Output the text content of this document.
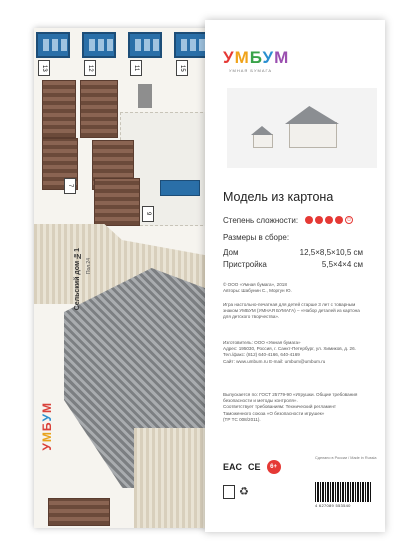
13	12	11	15
7
9
Сельский дом №1 Пол.24
УМБУМ
УМБУМ
УМНАЯ БУМАГА
Модель из картона
Степень сложности:	☺
Размеры в сборе:
Дом	12,5×8,5×10,5 см
Пристройка	5,5×4×4 см
© ООО «Умная бумага», 2018
Авторы: Шабунин С., Моргун Ю.
Игра настольно-печатная для детей старше 3 лет с товарным знаком УМБУМ (УМНАЯ БУМАГА) – «Набор деталей из картона для детского творчества».
Изготовитель: ООО «Умная бумага»
Адрес: 195030, Россия, г. Санкт-Петербург, ул. Химиков, д. 26. Тел./факс: (812) 640-4166, 640-4169
Сайт: www.umbum.ru E-mail: umbum@umbum.ru
Выпускается по: ГОСТ 25779-90 «Игрушки. Общие требования безопасности и методы контроля».
Соответствует требованиям: Технический регламент Таможенного союза «О безопасности игрушек»
(ТР ТС 008/2011).
Сделано в России / Made in Russia
EAC CE	6+
♻
4 627089 553540
